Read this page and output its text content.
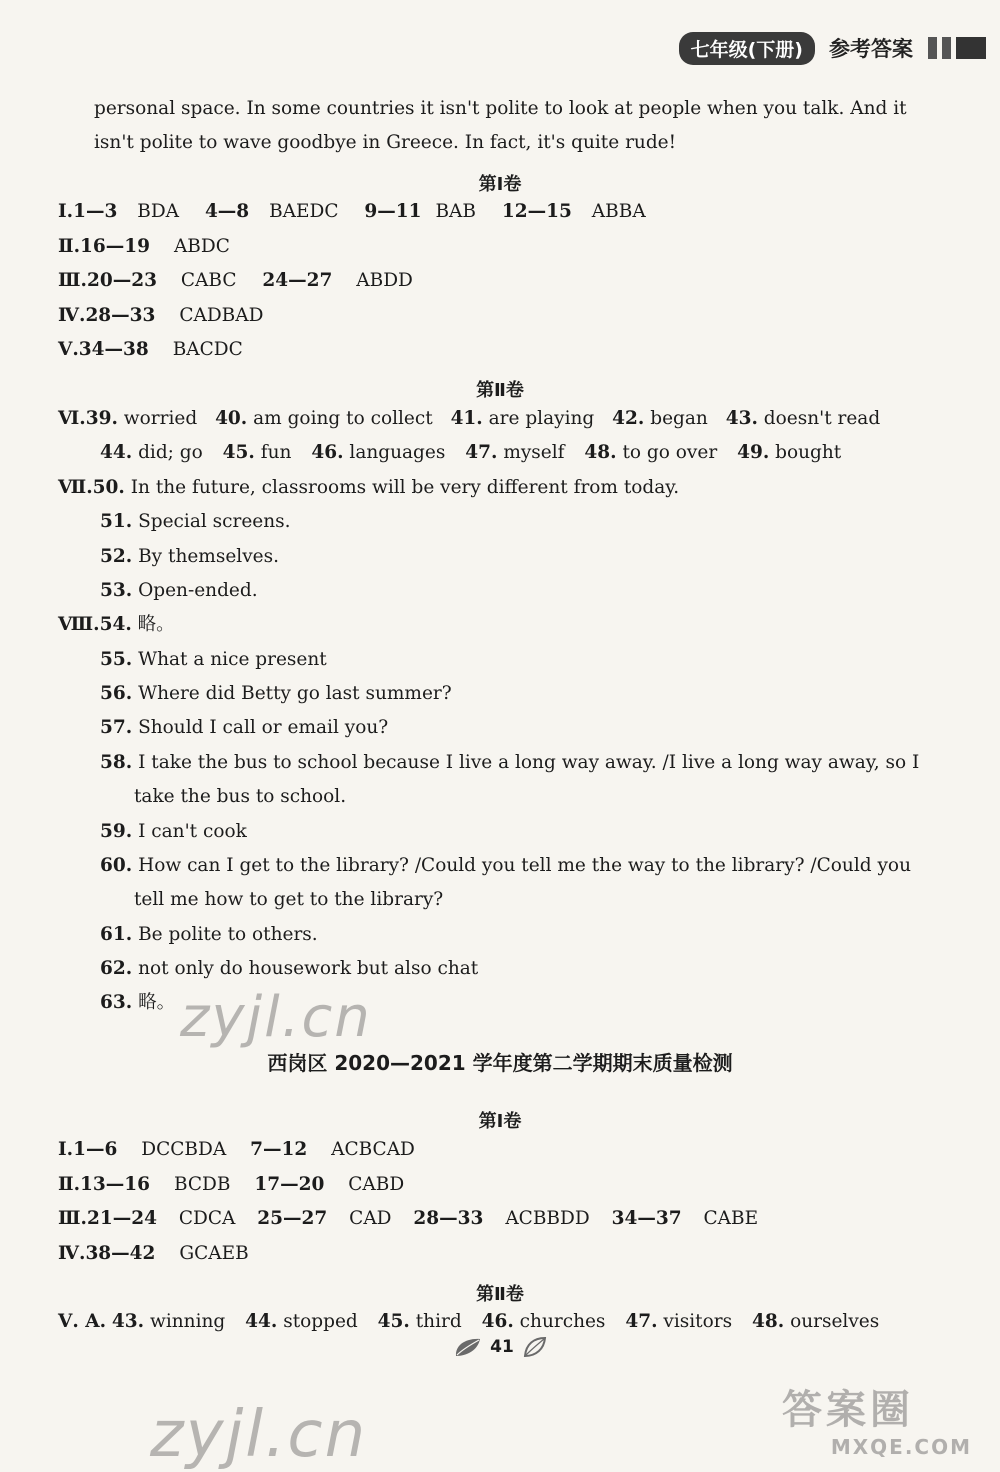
七年级(下册)	参考答案
personal space. In some countries it isn't polite to look at people when you talk. And it
isn't polite to wave goodbye in Greece. In fact, it's quite rude!
第Ⅰ卷
Ⅰ.1—3 BDA 4—8 BAEDC 9—11 BAB 12—15 ABBA
Ⅱ.16—19 ABDC
Ⅲ.20—23 CABC 24—27 ABDD
Ⅳ.28—33 CADBAD
Ⅴ.34—38 BACDC
第Ⅱ卷
Ⅵ.39. worried 40. am going to collect 41. are playing 42. began 43. doesn't read
44. did; go 45. fun 46. languages 47. myself 48. to go over 49. bought
Ⅶ.50. In the future, classrooms will be very different from today.
51. Special screens.
52. By themselves.
53. Open-ended.
Ⅷ.54. 略。
55. What a nice present
56. Where did Betty go last summer?
57. Should I call or email you?
58. I take the bus to school because I live a long way away. /I live a long way away, so I
take the bus to school.
59. I can't cook
60. How can I get to the library? /Could you tell me the way to the library? /Could you
tell me how to get to the library?
61. Be polite to others.
62. not only do housework but also chat
63. 略。 zyjl.cn
西岗区 2020—2021 学年度第二学期期末质量检测
第Ⅰ卷
Ⅰ.1—6 DCCBDA 7—12 ACBCAD
Ⅱ.13—16 BCDB 17—20 CABD
Ⅲ.21—24 CDCA 25—27 CAD 28—33 ACBBDD 34—37 CABE
Ⅳ.38—42 GCAEB
第Ⅱ卷
Ⅴ. A. 43. winning 44. stopped 45. third 46. churches 47. visitors 48. ourselves
41
zyjl.cn	答案圈
MXQE.COM
